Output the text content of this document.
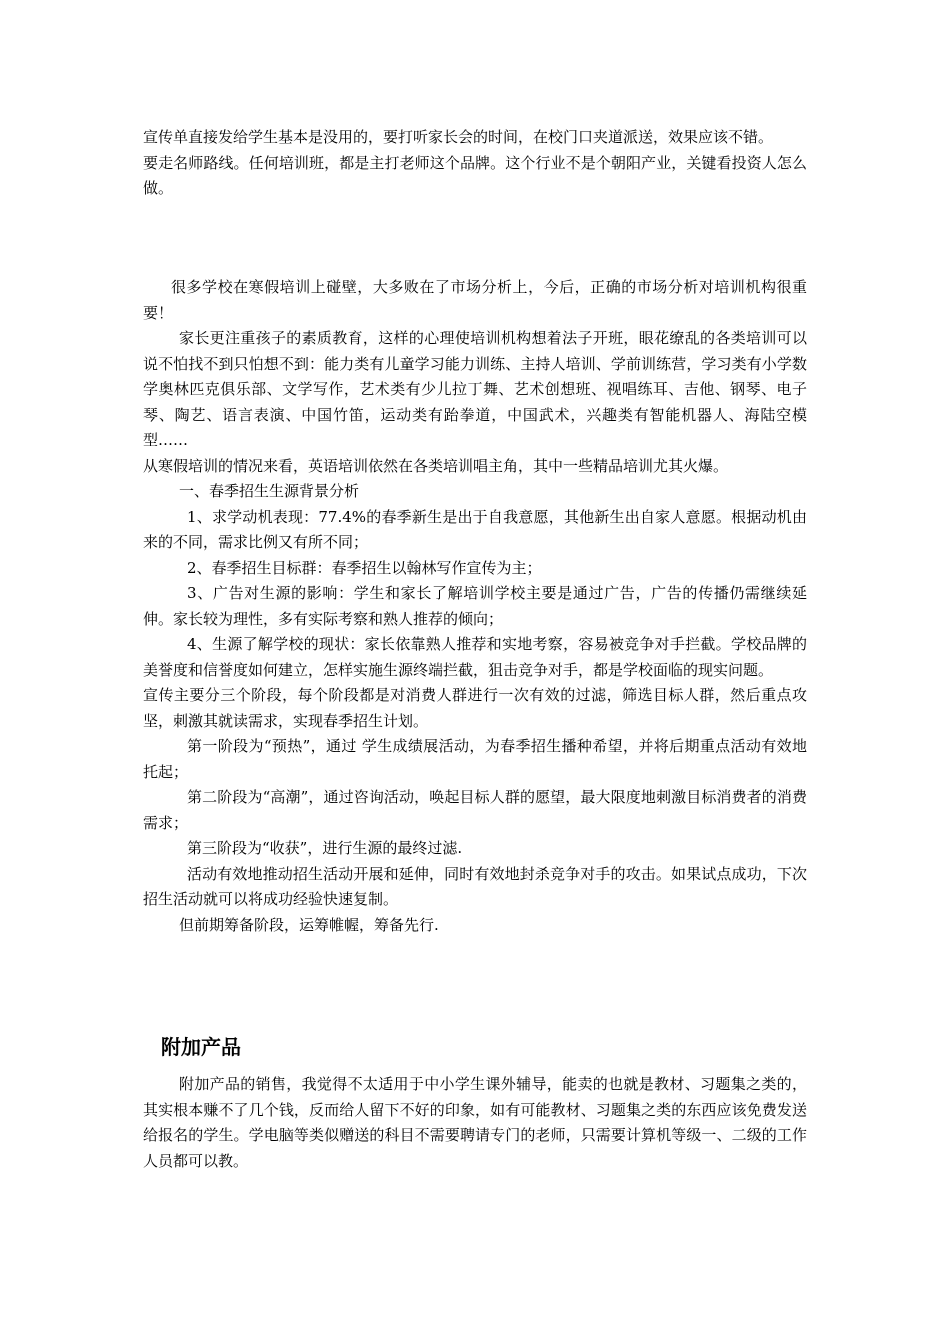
宣传单直接发给学生基本是没用的，要打听家长会的时间，在校门口夹道派送，效果应该不错。

要走名师路线。任何培训班，都是主打老师这个品牌。这个行业不是个朝阳产业，关键看投资人怎么做。

很多学校在寒假培训上碰壁，大多败在了市场分析上，今后，正确的市场分析对培训机构很重要！

家长更注重孩子的素质教育，这样的心理使培训机构想着法子开班，眼花缭乱的各类培训可以说不怕找不到只怕想不到：能力类有儿童学习能力训练、主持人培训、学前训练营，学习类有小学数学奥林匹克俱乐部、文学写作，艺术类有少儿拉丁舞、艺术创想班、视唱练耳、吉他、钢琴、电子琴、陶艺、语言表演、中国竹笛，运动类有跆拳道，中国武术，兴趣类有智能机器人、海陆空模型……

从寒假培训的情况来看，英语培训依然在各类培训唱主角，其中一些精品培训尤其火爆。

一、春季招生生源背景分析

1、求学动机表现：77.4%的春季新生是出于自我意愿，其他新生出自家人意愿。根据动机由来的不同，需求比例又有所不同；

2、春季招生目标群：春季招生以翰林写作宣传为主；

3、广告对生源的影响：学生和家长了解培训学校主要是通过广告，广告的传播仍需继续延伸。家长较为理性，多有实际考察和熟人推荐的倾向；

4、生源了解学校的现状：家长依靠熟人推荐和实地考察，容易被竞争对手拦截。学校品牌的美誉度和信誉度如何建立，怎样实施生源终端拦截，狙击竞争对手，都是学校面临的现实问题。

宣传主要分三个阶段，每个阶段都是对消费人群进行一次有效的过滤，筛选目标人群，然后重点攻坚，刺激其就读需求，实现春季招生计划。

第一阶段为“预热”，通过 学生成绩展活动，为春季招生播种希望，并将后期重点活动有效地托起；

第二阶段为“高潮”，通过咨询活动，唤起目标人群的愿望，最大限度地刺激目标消费者的消费需求；

第三阶段为“收获”，进行生源的最终过滤.

活动有效地推动招生活动开展和延伸，同时有效地封杀竞争对手的攻击。如果试点成功，下次招生活动就可以将成功经验快速复制。

但前期筹备阶段，运筹帷幄，筹备先行.

附加产品

附加产品的销售，我觉得不太适用于中小学生课外辅导，能卖的也就是教材、习题集之类的，其实根本赚不了几个钱，反而给人留下不好的印象，如有可能教材、习题集之类的东西应该免费发送给报名的学生。学电脑等类似赠送的科目不需要聘请专门的老师，只需要计算机等级一、二级的工作人员都可以教。
